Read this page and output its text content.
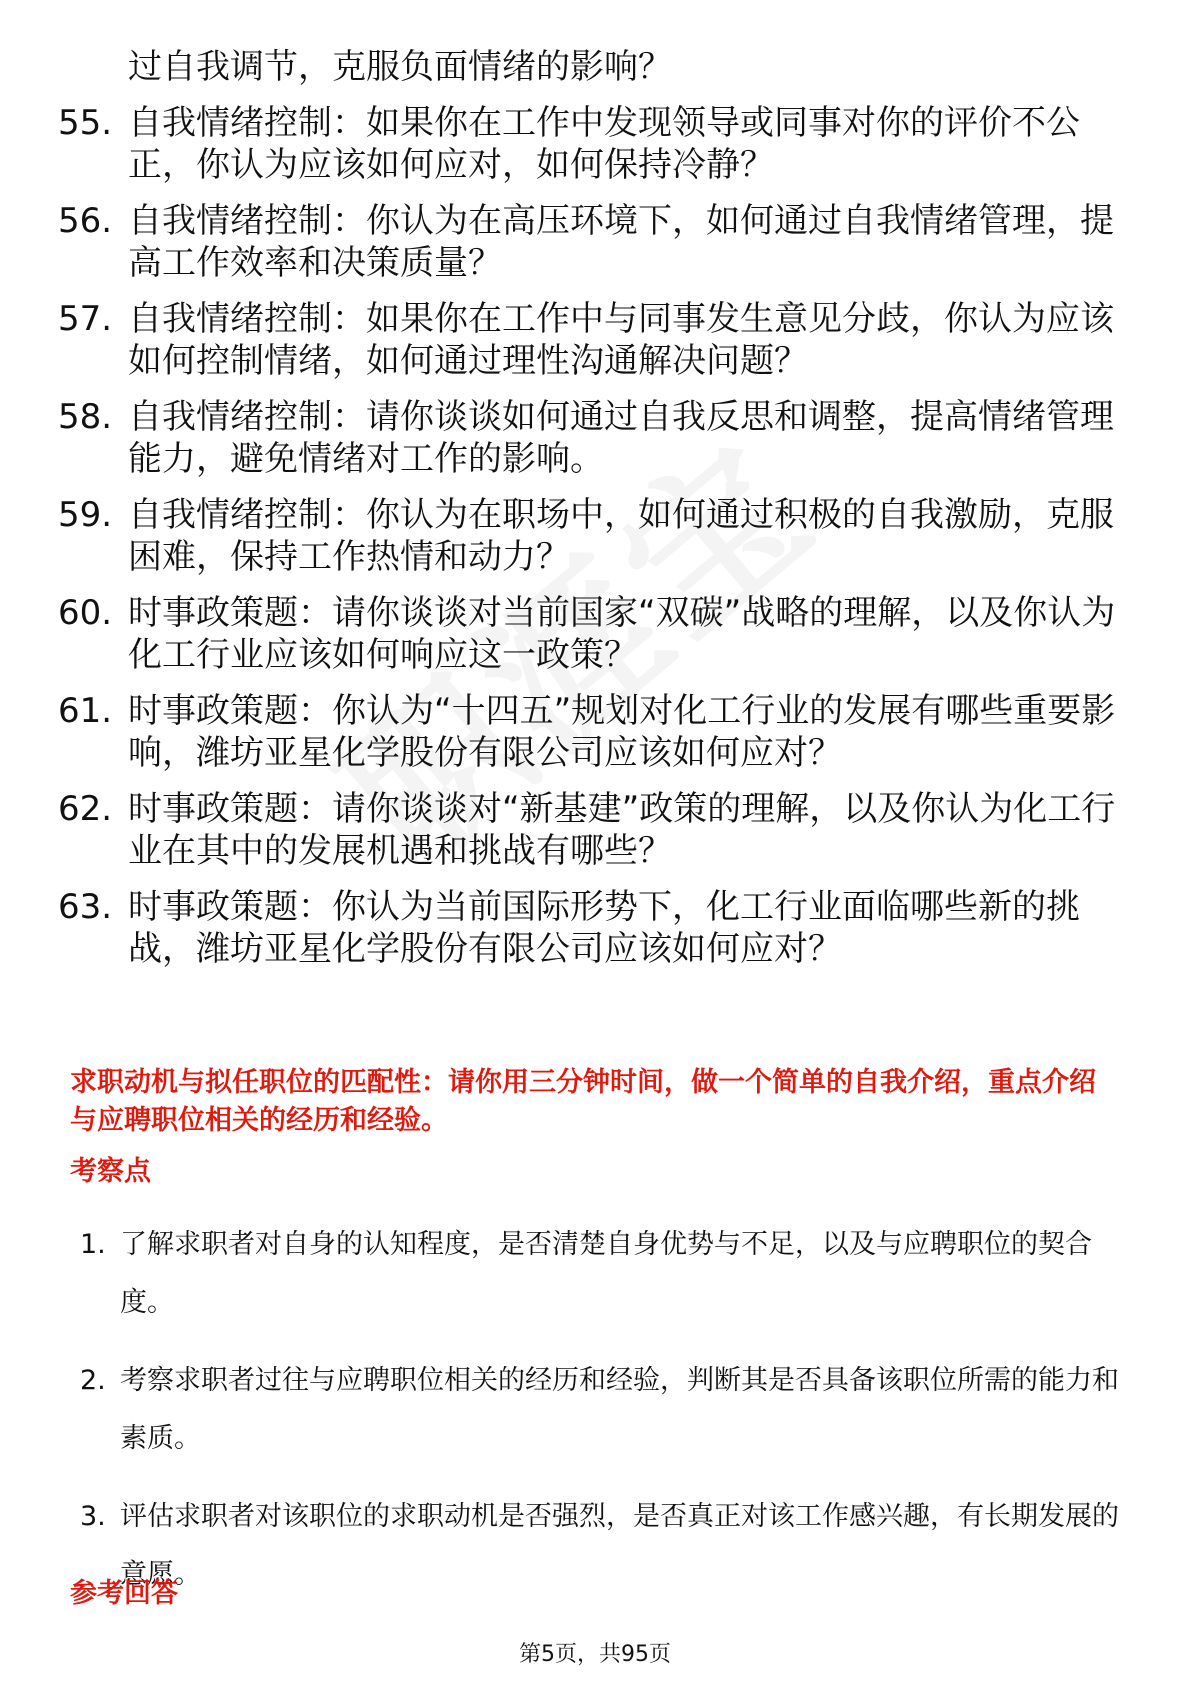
过自我调节，克服负面情绪的影响？
55. 自我情绪控制：如果你在工作中发现领导或同事对你的评价不公正，你认为应该如何应对，如何保持冷静？
56. 自我情绪控制：你认为在高压环境下，如何通过自我情绪管理，提高工作效率和决策质量？
57. 自我情绪控制：如果你在工作中与同事发生意见分歧，你认为应该如何控制情绪，如何通过理性沟通解决问题？
58. 自我情绪控制：请你谈谈如何通过自我反思和调整，提高情绪管理能力，避免情绪对工作的影响。
59. 自我情绪控制：你认为在职场中，如何通过积极的自我激励，克服困难，保持工作热情和动力？
60. 时事政策题：请你谈谈对当前国家“双碳”战略的理解，以及你认为化工行业应该如何响应这一政策？
61. 时事政策题：你认为“十四五”规划对化工行业的发展有哪些重要影响，潍坊亚星化学股份有限公司应该如何应对？
62. 时事政策题：请你谈谈对“新基建”政策的理解，以及你认为化工行业在其中的发展机遇和挑战有哪些？
63. 时事政策题：你认为当前国际形势下，化工行业面临哪些新的挑战，潍坊亚星化学股份有限公司应该如何应对？
求职动机与拟任职位的匹配性：请你用三分钟时间，做一个简单的自我介绍，重点介绍与应聘职位相关的经历和经验。
考察点
1. 了解求职者对自身的认知程度，是否清楚自身优势与不足，以及与应聘职位的契合度。
2. 考察求职者过往与应聘职位相关的经历和经验，判断其是否具备该职位所需的能力和素质。
3. 评估求职者对该职位的求职动机是否强烈，是否真正对该工作感兴趣，有长期发展的意愿。
参考回答
第5页，共95页
